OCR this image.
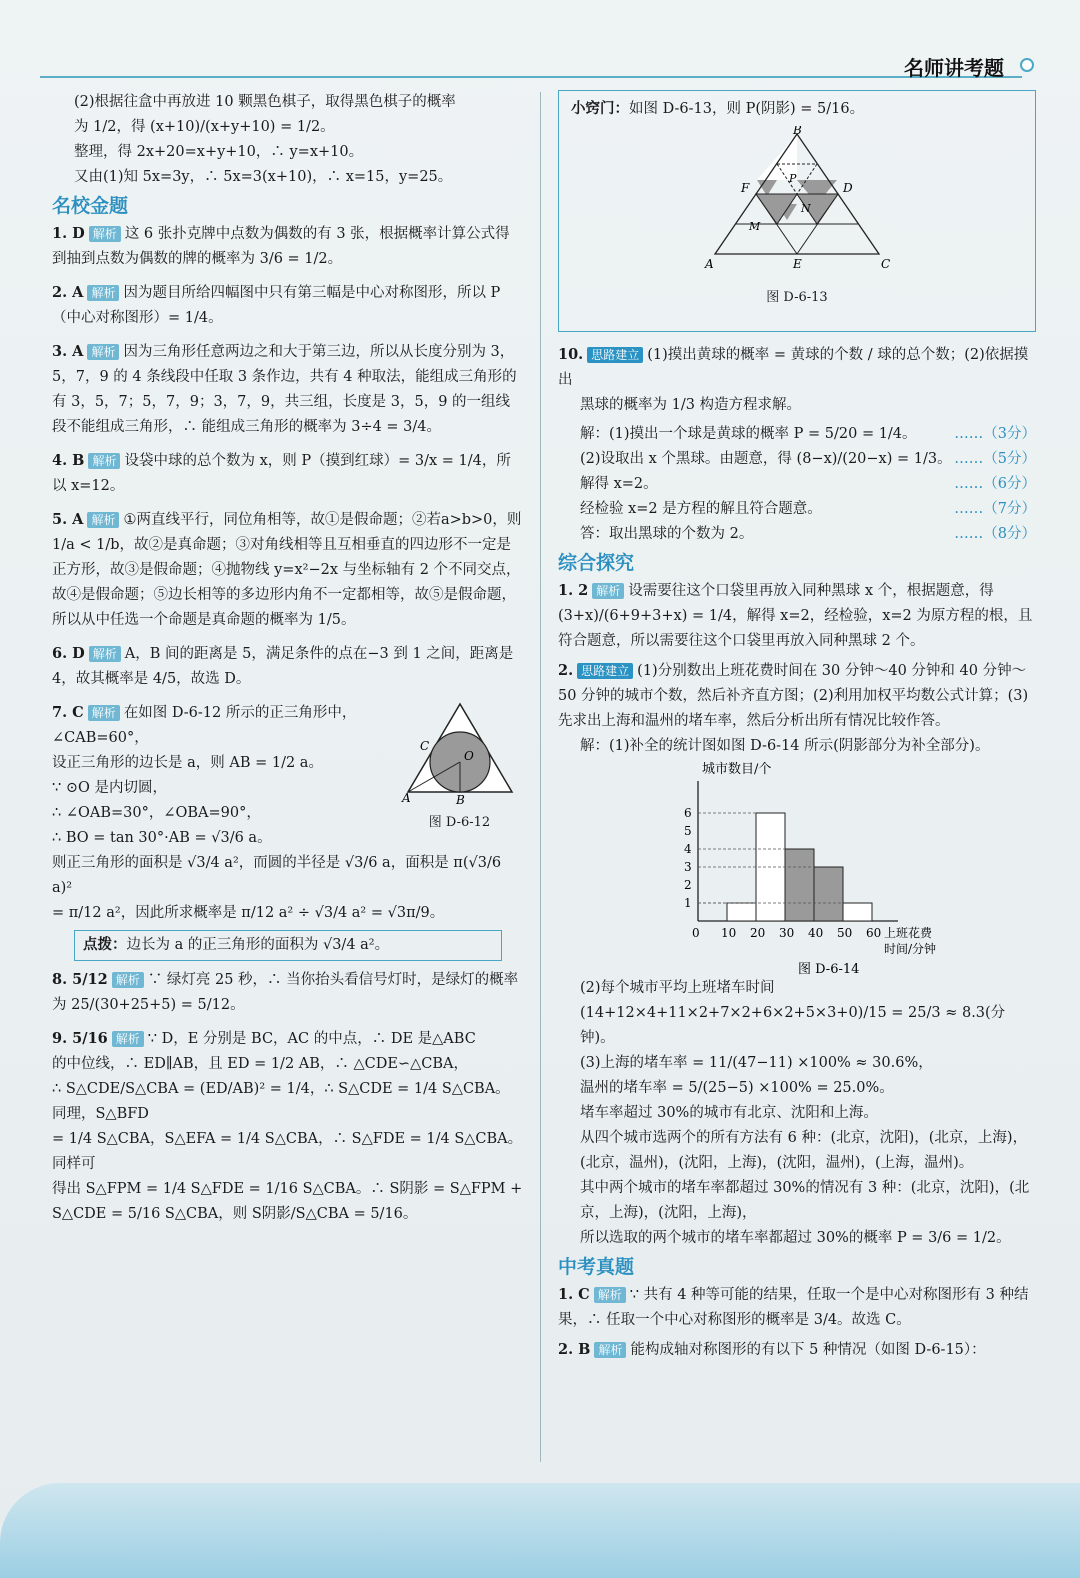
名师讲考题

(2)根据往盒中再放进 10 颗黑色棋子，取得黑色棋子的概率

为 1/2，得 (x+10)/(x+y+10) = 1/2。

整理，得 2x+20=x+y+10，∴ y=x+10。

又由(1)知 5x=3y，∴ 5x=3(x+10)，∴ x=15，y=25。

名校金题

1. D 解析 这 6 张扑克牌中点数为偶数的有 3 张，根据概率计算公式得到抽到点数为偶数的牌的概率为 3/6 = 1/2。

2. A 解析 因为题目所给四幅图中只有第三幅是中心对称图形，所以 P（中心对称图形）= 1/4。

3. A 解析 因为三角形任意两边之和大于第三边，所以从长度分别为 3，5，7，9 的 4 条线段中任取 3 条作边，共有 4 种取法，能组成三角形的有 3，5，7；5，7，9；3，7，9，共三组，长度是 3，5，9 的一组线段不能组成三角形，∴ 能组成三角形的概率为 3÷4 = 3/4。

4. B 解析 设袋中球的总个数为 x，则 P（摸到红球）= 3/x = 1/4，所以 x=12。

5. A 解析 ①两直线平行，同位角相等，故①是假命题；②若a>b>0，则 1/a < 1/b，故②是真命题；③对角线相等且互相垂直的四边形不一定是正方形，故③是假命题；④抛物线 y=x²−2x 与坐标轴有 2 个不同交点，故④是假命题；⑤边长相等的多边形内角不一定都相等，故⑤是假命题，所以从中任选一个命题是真命题的概率为 1/5。

6. D 解析 A，B 间的距离是 5，满足条件的点在−3 到 1 之间，距离是 4，故其概率是 4/5，故选 D。

7. C 解析 在如图 D-6-12 所示的正三角形中，∠CAB=60°，

设正三角形的边长是 a，则 AB = 1/2 a。

∵ ⊙O 是内切圆，

∴ ∠OAB=30°，∠OBA=90°，

∴ BO = tan 30°·AB = √3/6 a。

A	B
C
O
图 D-6-12

则正三角形的面积是 √3/4 a²，而圆的半径是 √3/6 a，面积是 π(√3/6 a)²

= π/12 a²，因此所求概率是 π/12 a² ÷ √3/4 a² = √3π/9。

点拨：边长为 a 的正三角形的面积为 √3/4 a²。

8. 5/12 解析 ∵ 绿灯亮 25 秒，∴ 当你抬头看信号灯时，是绿灯的概率为 25/(30+25+5) = 5/12。

9. 5/16 解析 ∵ D，E 分别是 BC，AC 的中点，∴ DE 是△ABC

的中位线，∴ ED∥AB，且 ED = 1/2 AB，∴ △CDE∽△CBA，

∴ S△CDE/S△CBA = (ED/AB)² = 1/4，∴ S△CDE = 1/4 S△CBA。同理，S△BFD

= 1/4 S△CBA，S△EFA = 1/4 S△CBA，∴ S△FDE = 1/4 S△CBA。同样可

得出 S△FPM = 1/4 S△FDE = 1/16 S△CBA。∴ S阴影 = S△FPM +

S△CDE = 5/16 S△CBA，则 S阴影/S△CBA = 5/16。

小窍门：如图 D-6-13，则 P(阴影) = 5/16。

B
P
F
N
D
M
A	E	C
图 D-6-13

10. 思路建立 (1)摸出黄球的概率 = 黄球的个数 / 球的总个数；(2)依据摸出

黑球的概率为 1/3 构造方程求解。

解：(1)摸出一个球是黄球的概率 P = 5/20 = 1/4。	……（3分）

(2)设取出 x 个黑球。由题意，得 (8−x)/(20−x) = 1/3。 ……（5分）

解得 x=2。	……（6分）

经检验 x=2 是方程的解且符合题意。	……（7分）

答：取出黑球的个数为 2。	……（8分）

综合探究

1. 2 解析 设需要往这个口袋里再放入同种黑球 x 个，根据题意，得 (3+x)/(6+9+3+x) = 1/4，解得 x=2，经检验，x=2 为原方程的根，且符合题意，所以需要往这个口袋里再放入同种黑球 2 个。

2. 思路建立 (1)分别数出上班花费时间在 30 分钟～40 分钟和 40 分钟～50 分钟的城市个数，然后补齐直方图；(2)利用加权平均数公式计算；(3)先求出上海和温州的堵车率，然后分析出所有情况比较作答。

解：(1)补全的统计图如图 D-6-14 所示(阴影部分为补全部分)。

0 10 20 30 40 50 60
1
2
3
4
5
6
城市数目/个
上班花费
时间/分钟
图 D-6-14

(2)每个城市平均上班堵车时间

(14+12×4+11×2+7×2+6×2+5×3+0)/15 = 25/3 ≈ 8.3(分钟)。

(3)上海的堵车率 = 11/(47−11) ×100% ≈ 30.6%，

温州的堵车率 = 5/(25−5) ×100% = 25.0%。

堵车率超过 30%的城市有北京、沈阳和上海。

从四个城市选两个的所有方法有 6 种：(北京，沈阳)，(北京，上海)，(北京，温州)，(沈阳，上海)，(沈阳，温州)，(上海，温州)。

其中两个城市的堵车率都超过 30%的情况有 3 种：(北京，沈阳)，(北京，上海)，(沈阳，上海)，

所以选取的两个城市的堵车率都超过 30%的概率 P = 3/6 = 1/2。

中考真题

1. C 解析 ∵ 共有 4 种等可能的结果，任取一个是中心对称图形有 3 种结果，∴ 任取一个中心对称图形的概率是 3/4。故选 C。

2. B 解析 能构成轴对称图形的有以下 5 种情况（如图 D-6-15）：
